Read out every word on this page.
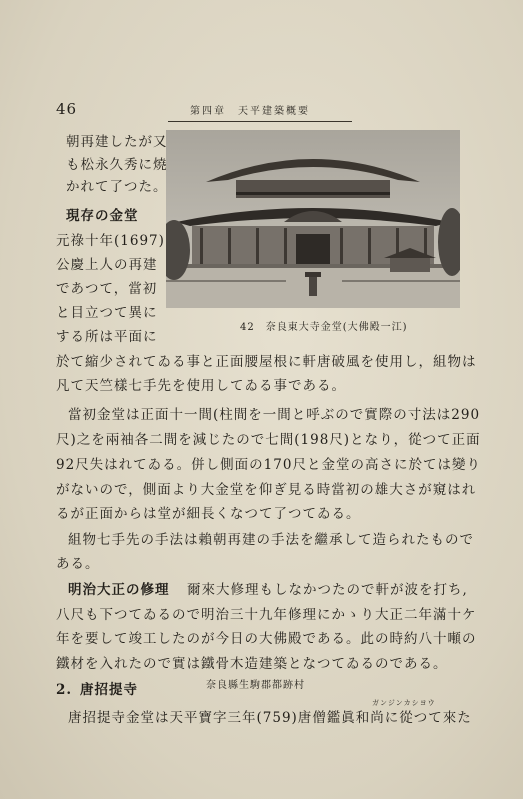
46	第四章　天平建築概要
42　奈良東大寺金堂(大佛殿一江)
朝再建したが又
も松永久秀に燒
かれて了つた。
現存の金堂
元祿十年(1697)
公慶上人の再建
であつて，當初
と目立つて異に
する所は平面に
於て縮少されてゐる事と正面腰屋根に軒唐破風を使用し，組物は
凡て天竺樣七手先を使用してゐる事である。
當初金堂は正面十一間(柱間を一間と呼ぶので實際の寸法は290
尺)之を兩袖各二間を減じたので七間(198尺)となり，從つて正面
92尺失はれてゐる。併し側面の170尺と金堂の高さに於ては變り
がないので，側面より大金堂を仰ぎ見る時當初の雄大さが窺はれ
るが正面からは堂が細長くなつて了つてゐる。
組物七手先の手法は賴朝再建の手法を繼承して造られたもので
ある。
明治大正の修理 爾來大修理もしなかつたので軒が波を打ち,
八尺も下つてゐるので明治三十九年修理にかゝり大正二年滿十ケ
年を要して竣工したのが今日の大佛殿である。此の時約八十噸の
鐵材を入れたので實は鐵骨木造建築となつてゐるのである。
2. 唐招提寺	奈良縣生駒郡都跡村
ガンジンカシヨウ
唐招提寺金堂は天平寶字三年(759)唐僧鑑眞和尚に從つて來た
